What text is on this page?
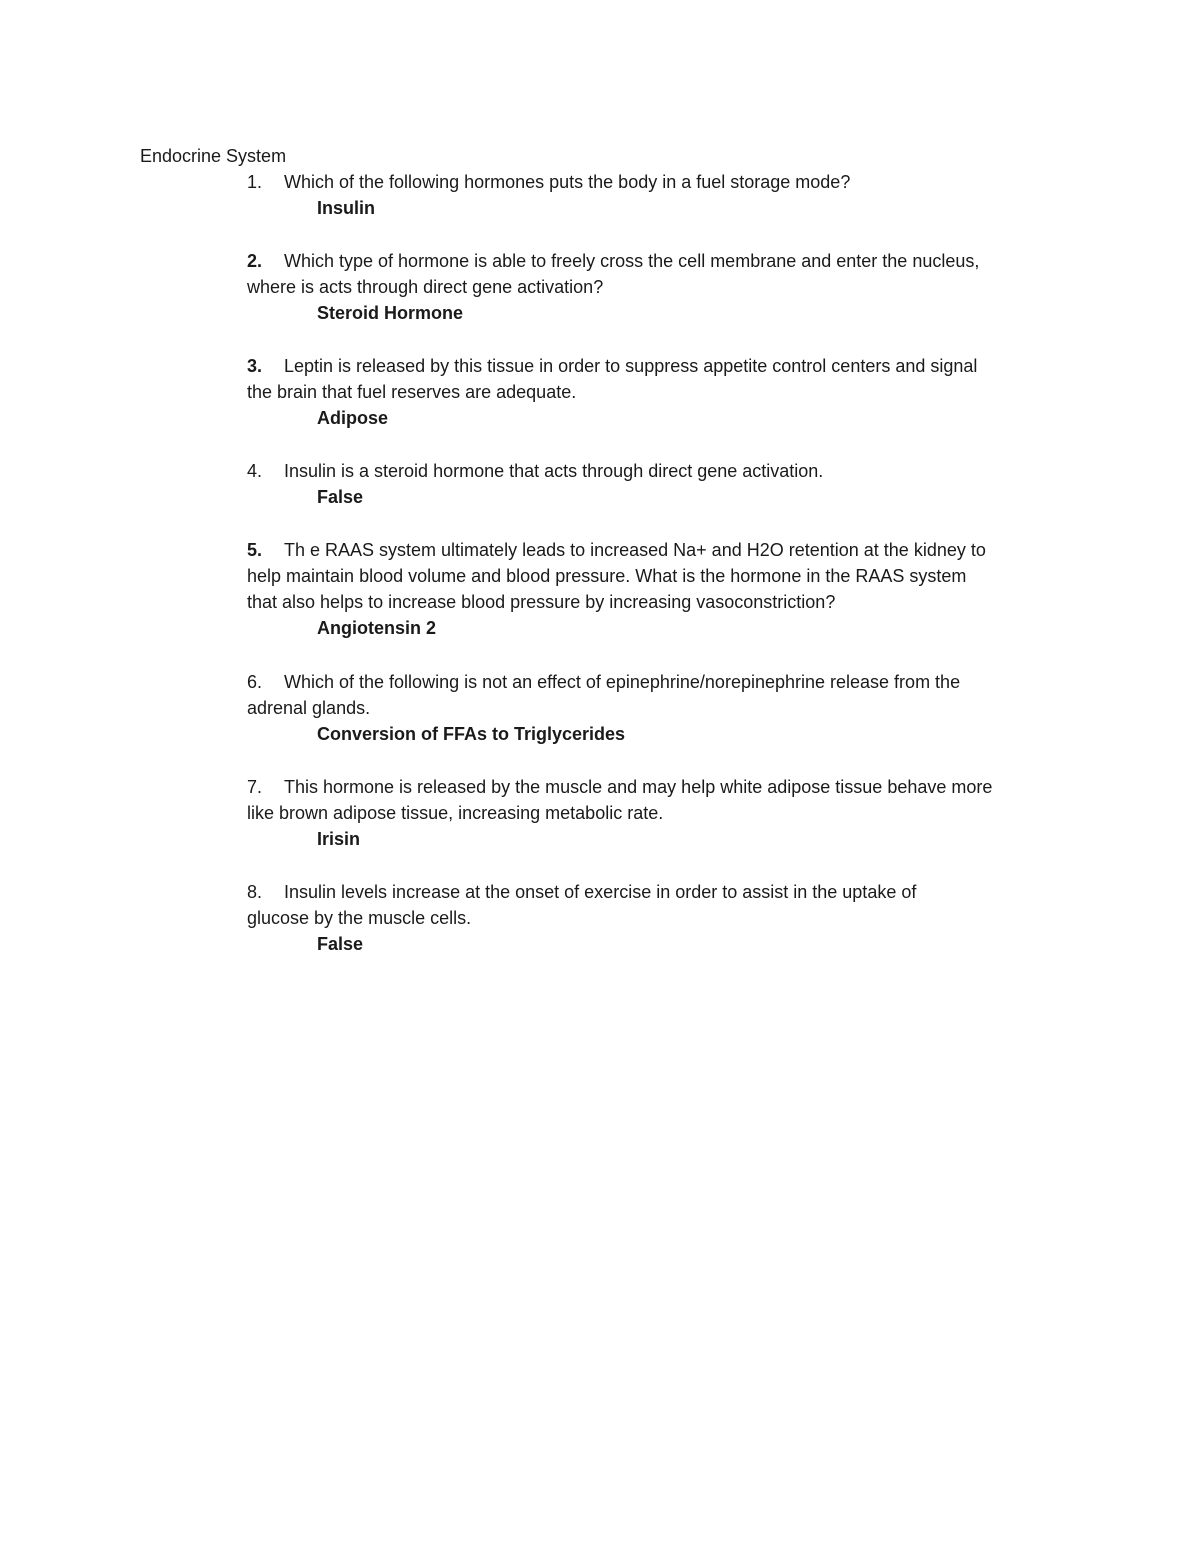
Endocrine System
1. Which of the following hormones puts the body in a fuel storage mode?
Insulin
2. Which type of hormone is able to freely cross the cell membrane and enter the nucleus,
where is acts through direct gene activation?
Steroid Hormone
3. Leptin is released by this tissue in order to suppress appetite control centers and signal
the brain that fuel reserves are adequate.
Adipose
4. Insulin is a steroid hormone that acts through direct gene activation.
False
5. Th e RAAS system ultimately leads to increased Na+ and H2O retention at the kidney to
help maintain blood volume and blood pressure. What is the hormone in the RAAS system
that also helps to increase blood pressure by increasing vasoconstriction?
Angiotensin 2
6. Which of the following is not an effect of epinephrine/norepinephrine release from the
adrenal glands.
Conversion of FFAs to Triglycerides
7. This hormone is released by the muscle and may help white adipose tissue behave more
like brown adipose tissue, increasing metabolic rate.
Irisin
8. Insulin levels increase at the onset of exercise in order to assist in the uptake of
glucose by the muscle cells.
False
